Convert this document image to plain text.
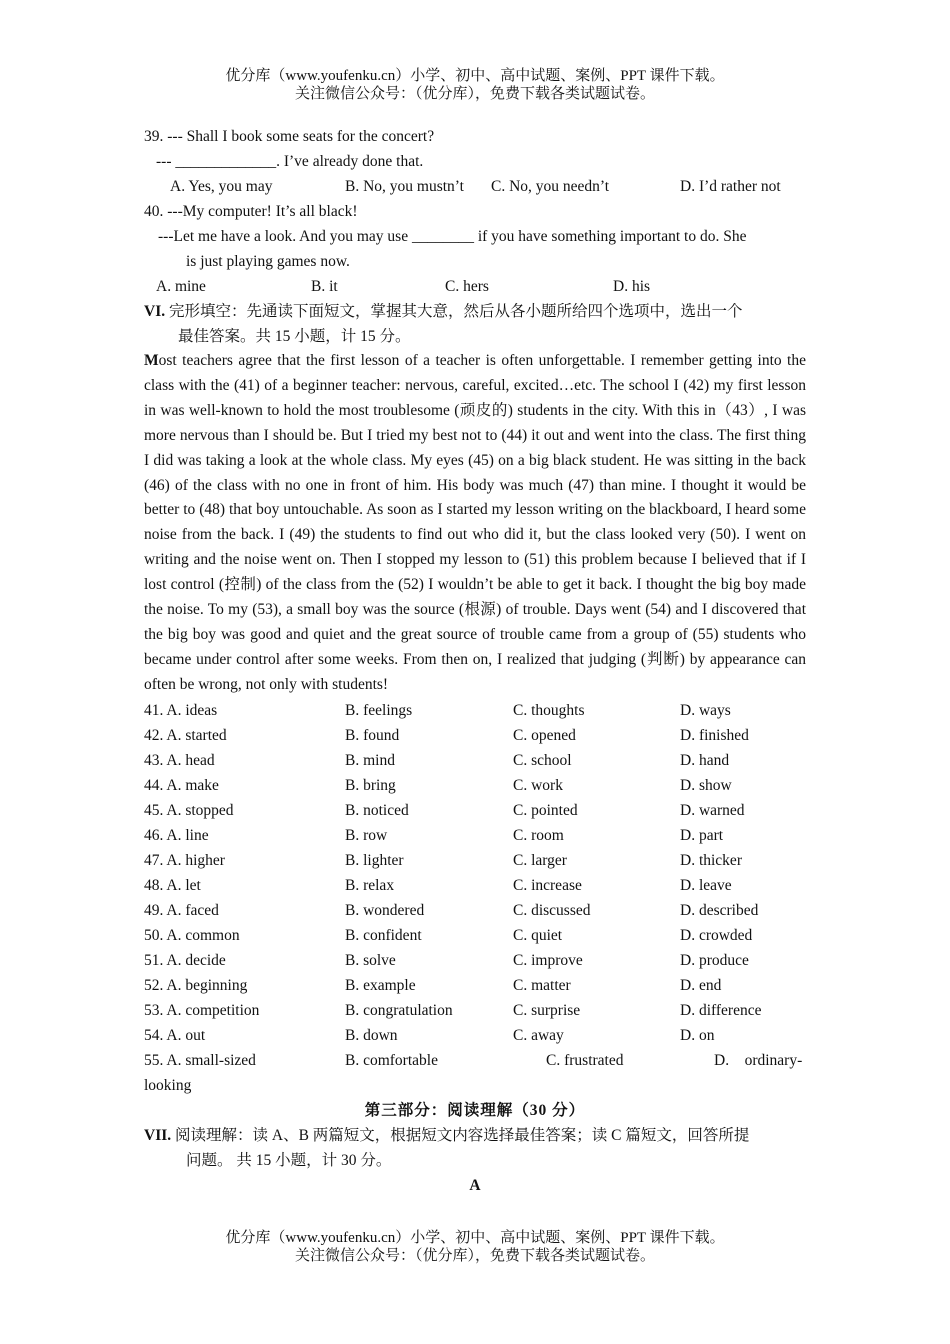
优分库（www.youfenku.cn）小学、初中、高中试题、案例、PPT 课件下载。
关注微信公众号：（优分库），免费下载各类试题试卷。
39. --- Shall I book some seats for the concert?
--- _____________. I’ve already done that.
A. Yes, you may	B. No, you mustn’t C. No, you needn’t	D. I’d rather not
40. ---My computer! It’s all black!
---Let me have a look. And you may use ________ if you have something important to do. She
is just playing games now.
A. mine	B. it	C. hers	D. his
VI. 完形填空：先通读下面短文，掌握其大意，然后从各小题所给四个选项中，选出一个
最佳答案。共 15 小题，计 15 分。

Most teachers agree that the first lesson of a teacher is often unforgettable. I remember getting into the class with the (41) of a beginner teacher: nervous, careful, excited…etc. The school I (42) my first lesson in was well-known to hold the most troublesome (顽皮的) students in the city. With this in（43）, I was more nervous than I should be. But I tried my best not to (44) it out and went into the class. The first thing I did was taking a look at the whole class. My eyes (45) on a big black student. He was sitting in the back (46) of the class with no one in front of him. His body was much (47) than mine. I thought it would be better to (48) that boy untouchable. As soon as I started my lesson writing on the blackboard, I heard some noise from the back. I (49) the students to find out who did it, but the class looked very (50). I went on writing and the noise went on. Then I stopped my lesson to (51) this problem because I believed that if I lost control (控制) of the class from the (52) I wouldn’t be able to get it back. I thought the big boy made the noise. To my (53), a small boy was the source (根源) of trouble. Days went (54) and I discovered that the big boy was good and quiet and the great source of trouble came from a group of (55) students who became under control after some weeks. From then on, I realized that judging (判断) by appearance can often be wrong, not only with students!

41. A. ideas	B. feelings	C. thoughts	D. ways
42. A. started	B. found	C. opened	D. finished
43. A. head	B. mind	C. school	D. hand
44. A. make	B. bring	C. work	D. show
45. A. stopped	B. noticed	C. pointed	D. warned
46. A. line	B. row	C. room	D. part
47. A. higher	B. lighter	C. larger	D. thicker
48. A. let	B. relax	C. increase	D. leave
49. A. faced	B. wondered	C. discussed	D. described
50. A. common	B. confident	C. quiet	D. crowded
51. A. decide	B. solve	C. improve	D. produce
52. A. beginning	B. example	C. matter	D. end
53. A. competition	B. congratulation	C. surprise	D. difference
54. A. out	B. down	C. away	D. on
55. A. small-sized	B. comfortable	C. frustrated	D.    ordinary-
looking
第三部分：阅读理解（30 分）
VII. 阅读理解：读 A、B 两篇短文，根据短文内容选择最佳答案；读 C 篇短文，回答所提
问题。 共 15 小题，计 30 分。
A
优分库（www.youfenku.cn）小学、初中、高中试题、案例、PPT 课件下载。
关注微信公众号：（优分库），免费下载各类试题试卷。
